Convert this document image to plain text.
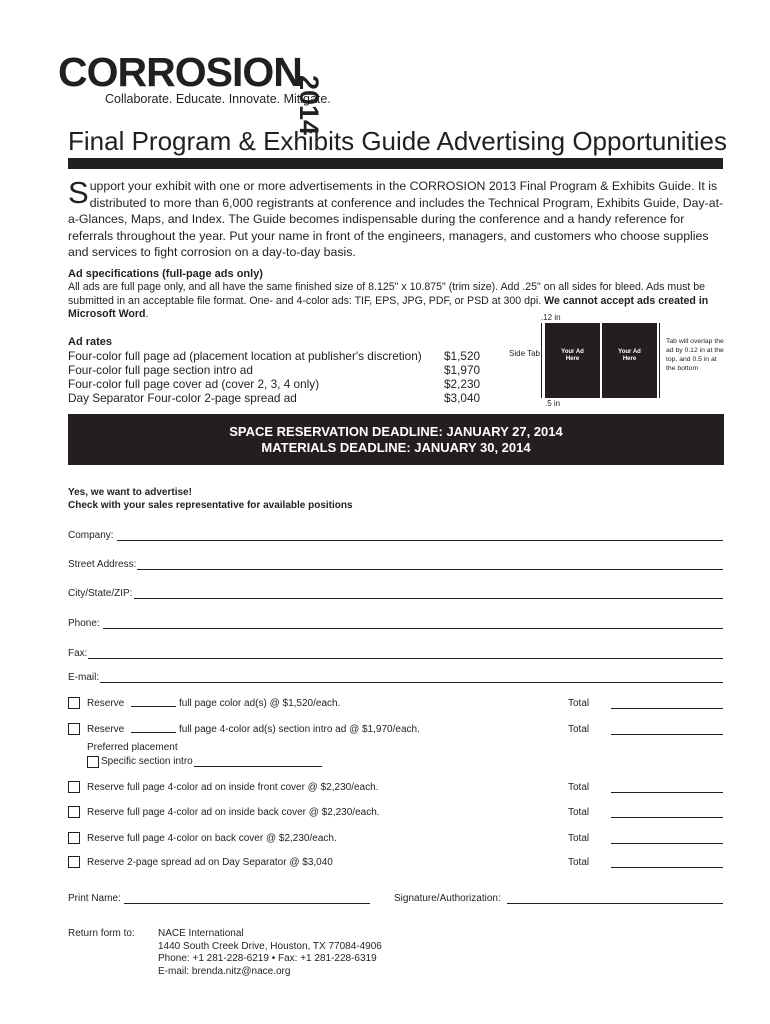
CORROSION
2014
Collaborate. Educate. Innovate. Mitigate.
Final Program & Exhibits Guide Advertising Opportunities
Support your exhibit with one or more advertisements in the CORROSION 2013 Final Program & Exhibits Guide. It is distributed to more than 6,000 registrants at conference and includes the Technical Program, Exhibits Guide, Day-at-a-Glances, Maps, and Index. The Guide becomes indispensable during the conference and a handy reference for referrals throughout the year. Put your name in front of the engineers, managers, and customers who choose supplies and services to fight corrosion on a day-to-day basis.
Ad specifications (full-page ads only)
All ads are full page only, and all have the same finished size of 8.125" x 10.875" (trim size). Add .25" on all sides for bleed. Ads must be submitted in an acceptable file format. One- and 4-color ads: TIF, EPS, JPG, PDF, or PSD at 300 dpi. We cannot accept ads created in Microsoft Word.
Ad rates
Four-color full page ad (placement location at publisher's discretion) $1,520
Four-color full page section intro ad	$1,970
Four-color full page cover ad (cover 2, 3, 4 only)	$2,230
Day Separator Four-color 2-page spread ad	$3,040
.12 in
Side Tab	Your Ad Here
Your Ad Here
.5 in
Tab will overlap the ad by 0.12 in at the top, and 0.5 in at the bottom
SPACE RESERVATION DEADLINE: JANUARY 27, 2014
MATERIALS DEADLINE: JANUARY 30, 2014
Yes, we want to advertise!
Check with your sales representative for available positions
Company:
Street Address:
City/State/ZIP:
Phone:
Fax:
E-mail:
Reserve	full page color ad(s) @ $1,520/each.	Total
Reserve	full page 4-color ad(s) section intro ad @ $1,970/each.	Total
Preferred placement
Specific section intro
Reserve full page 4-color ad on inside front cover @ $2,230/each.	Total
Reserve full page 4-color ad on inside back cover @ $2,230/each.	Total
Reserve full page 4-color on back cover @ $2,230/each.	Total
Reserve 2-page spread ad on Day Separator @ $3,040	Total
Print Name:	Signature/Authorization:
Return form to: NACE International
1440 South Creek Drive, Houston, TX 77084-4906
Phone: +1 281-228-6219 • Fax: +1 281-228-6319
E-mail: brenda.nitz@nace.org
